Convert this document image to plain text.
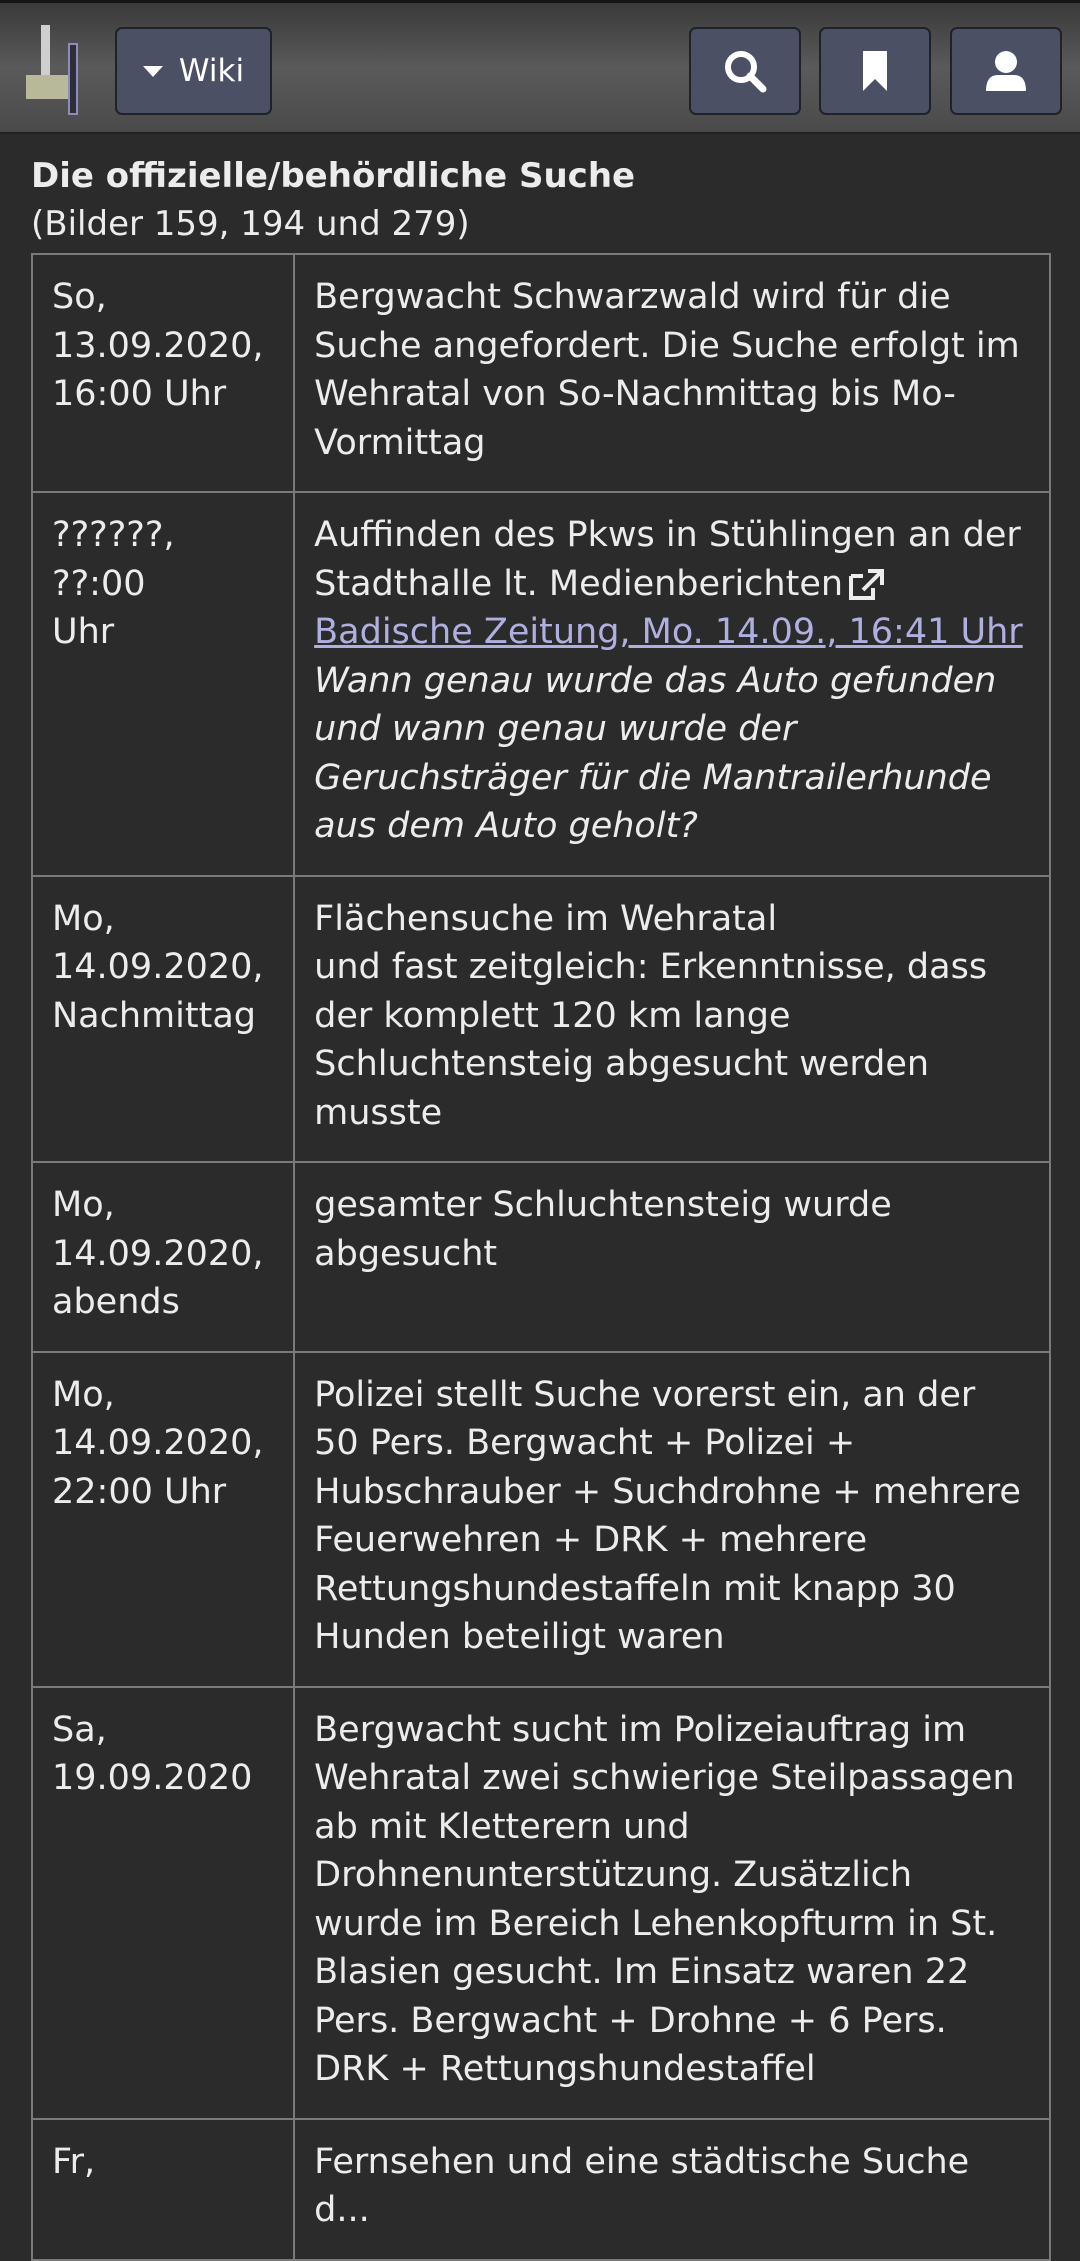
Wiki
Die offizielle/behördliche Suche
(Bilder 159, 194 und 279)
So,
13.09.2020,
16:00 Uhr	Bergwacht Schwarzwald wird für die Suche angefordert. Die Suche erfolgt im Wehratal von So-Nachmittag bis Mo-Vormittag
??????, ??:00
Uhr	Auffinden des Pkws in Stühlingen an der Stadthalle lt. Medienberichten
Badische Zeitung, Mo. 14.09., 16:41 Uhr
Wann genau wurde das Auto gefunden und wann genau wurde der Geruchsträger für die Mantrailerhunde aus dem Auto geholt?
Mo,
14.09.2020,
Nachmittag	Flächensuche im Wehratal
und fast zeitgleich: Erkenntnisse, dass der komplett 120 km lange Schluchtensteig abgesucht werden musste
Mo,
14.09.2020,
abends	gesamter Schluchtensteig wurde abgesucht
Mo,
14.09.2020,
22:00 Uhr	Polizei stellt Suche vorerst ein, an der 50 Pers. Bergwacht + Polizei + Hubschrauber + Suchdrohne + mehrere Feuerwehren + DRK + mehrere Rettungshundestaffeln mit knapp 30 Hunden beteiligt waren
Sa,
19.09.2020	Bergwacht sucht im Polizeiauftrag im Wehratal zwei schwierige Steilpassagen ab mit Kletterern und Drohnenunterstützung. Zusätzlich wurde im Bereich Lehenkopfturm in St. Blasien gesucht. Im Einsatz waren 22 Pers. Bergwacht + Drohne + 6 Pers. DRK + Rettungshundestaffel
Fr,	Fernsehen und eine städtische Suche d...
